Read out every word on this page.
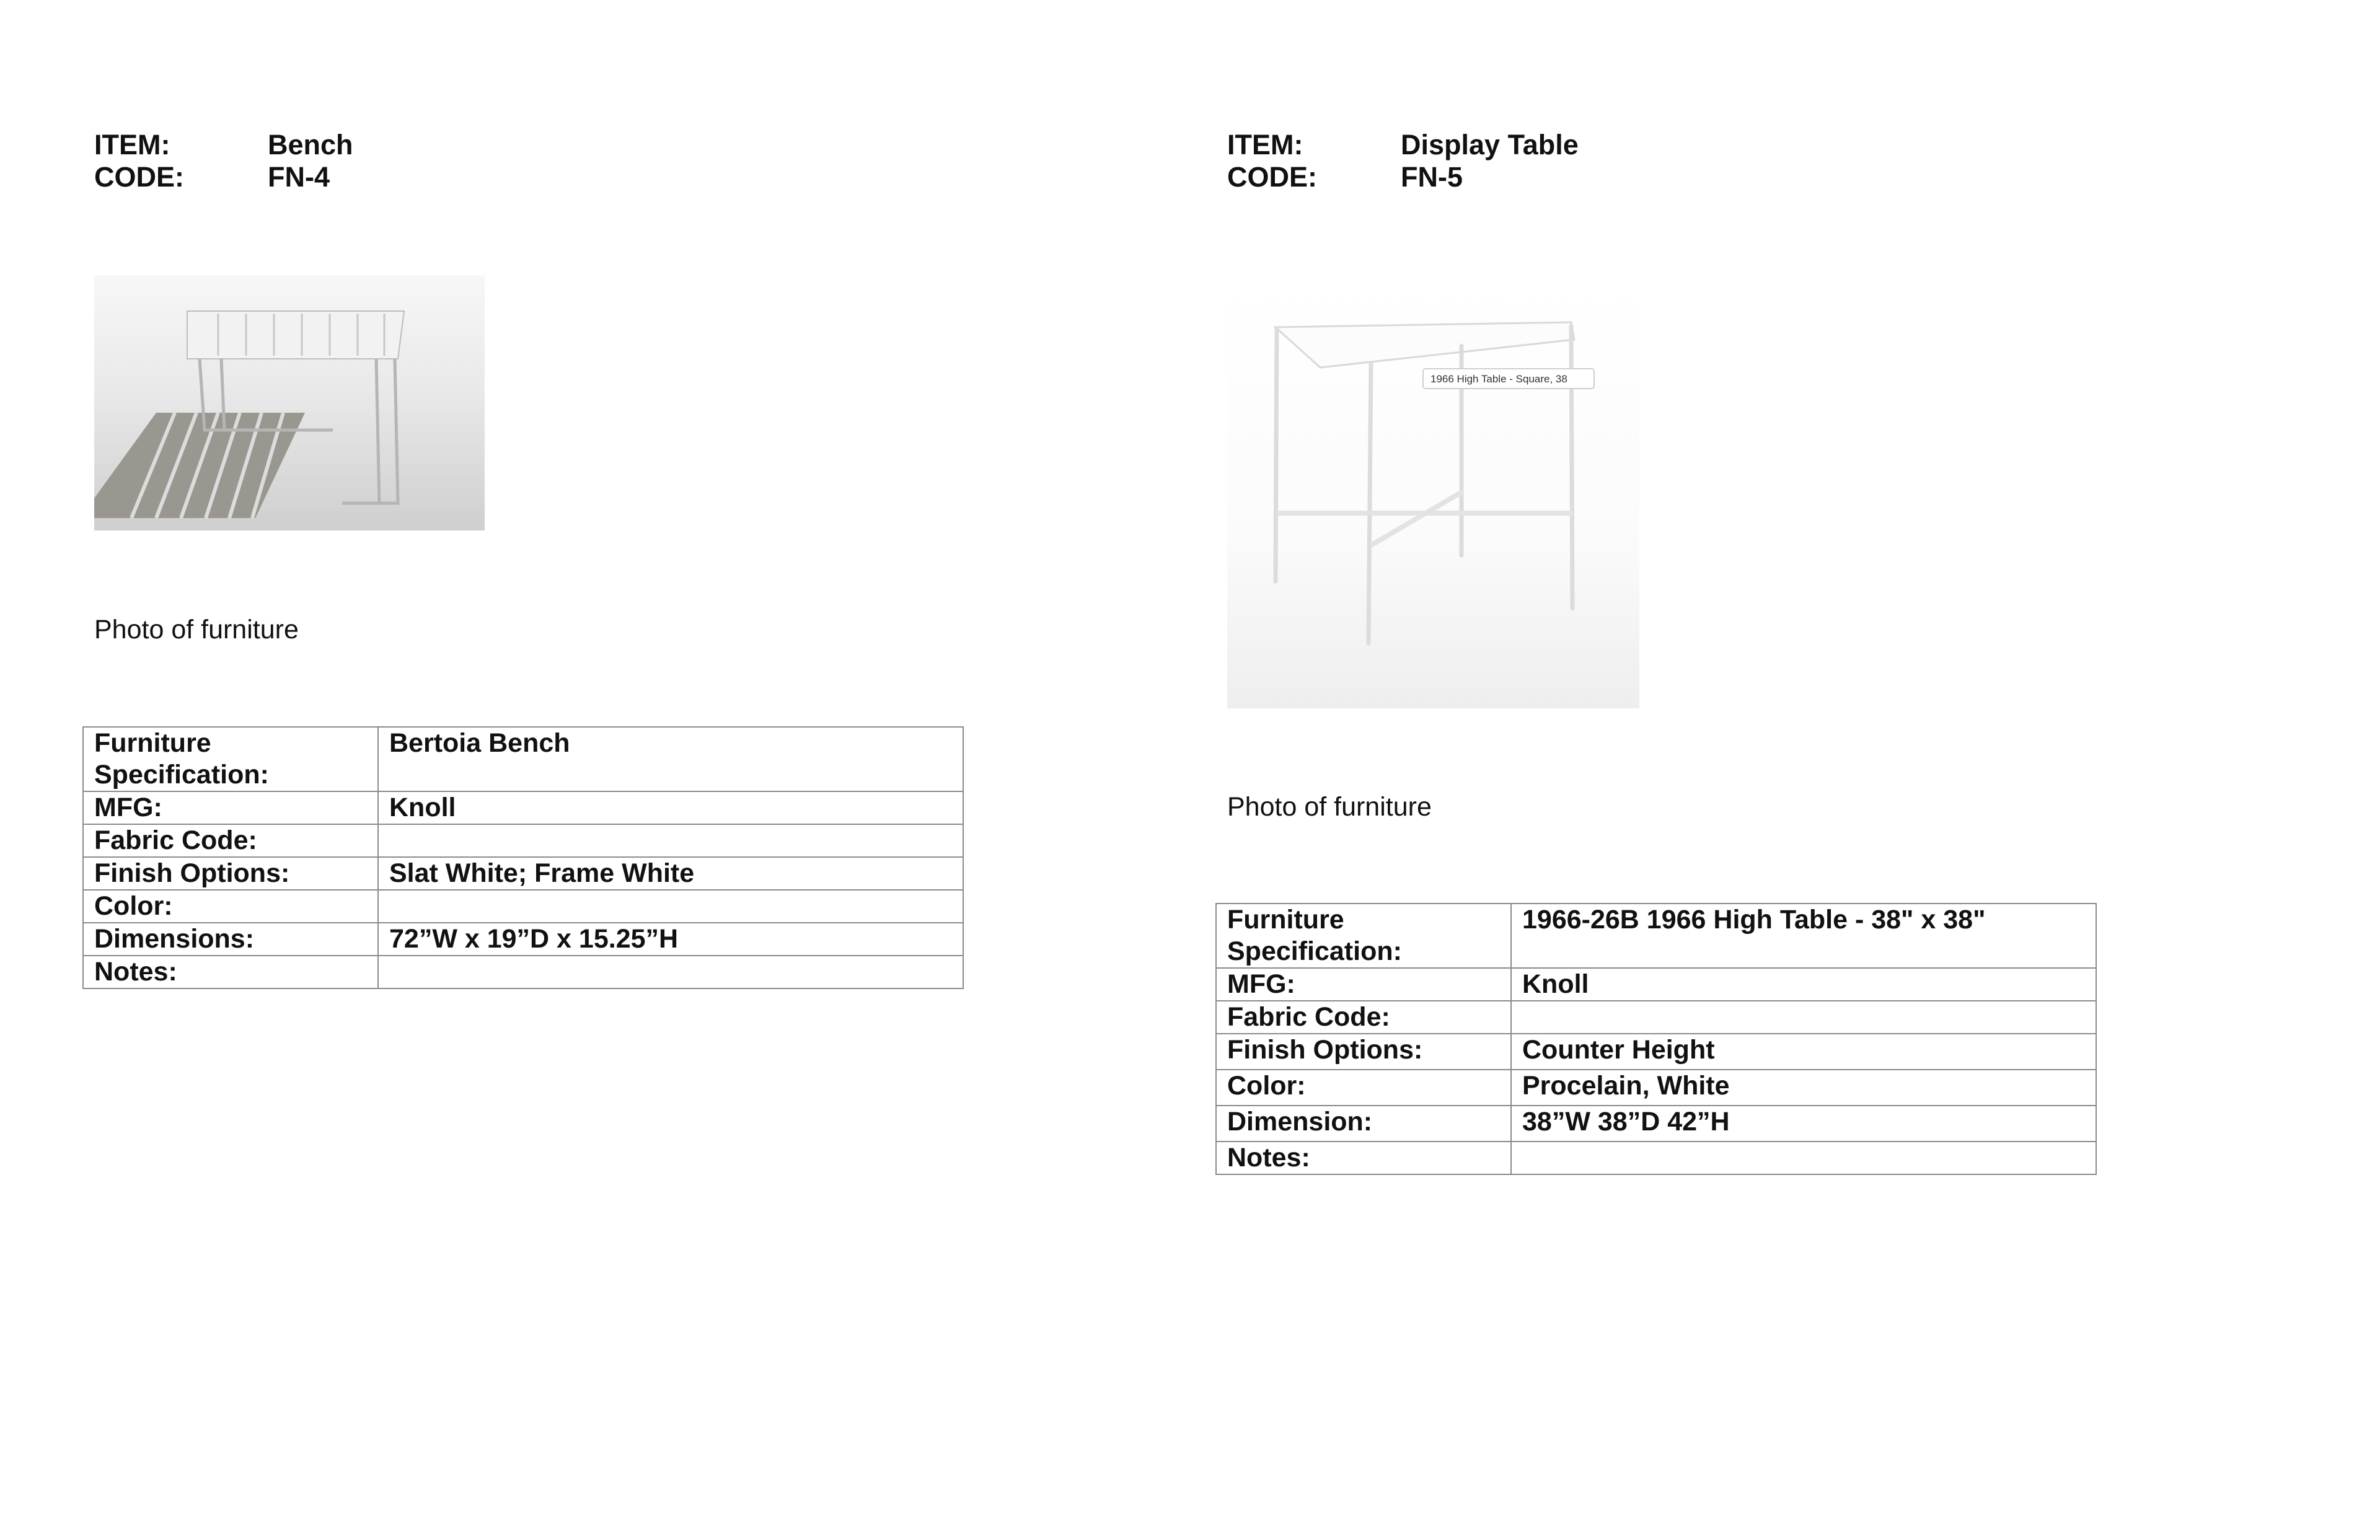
ITEM:	Bench
CODE:	FN-4
Photo of furniture
Furniture Specification:	Bertoia Bench
MFG:	Knoll
Fabric Code:	
Finish Options:	Slat White; Frame White
Color:	
Dimensions:	72”W x 19”D x 15.25”H
Notes:	
ITEM:	Display Table
CODE:	FN-5
1966 High Table - Square, 38
Photo of furniture
Furniture Specification:	1966-26B 1966 High Table - 38" x 38"
MFG:	Knoll
Fabric Code:	
Finish Options:	Counter Height
Color:	Procelain, White
Dimension:	38”W 38”D 42”H
Notes:	
